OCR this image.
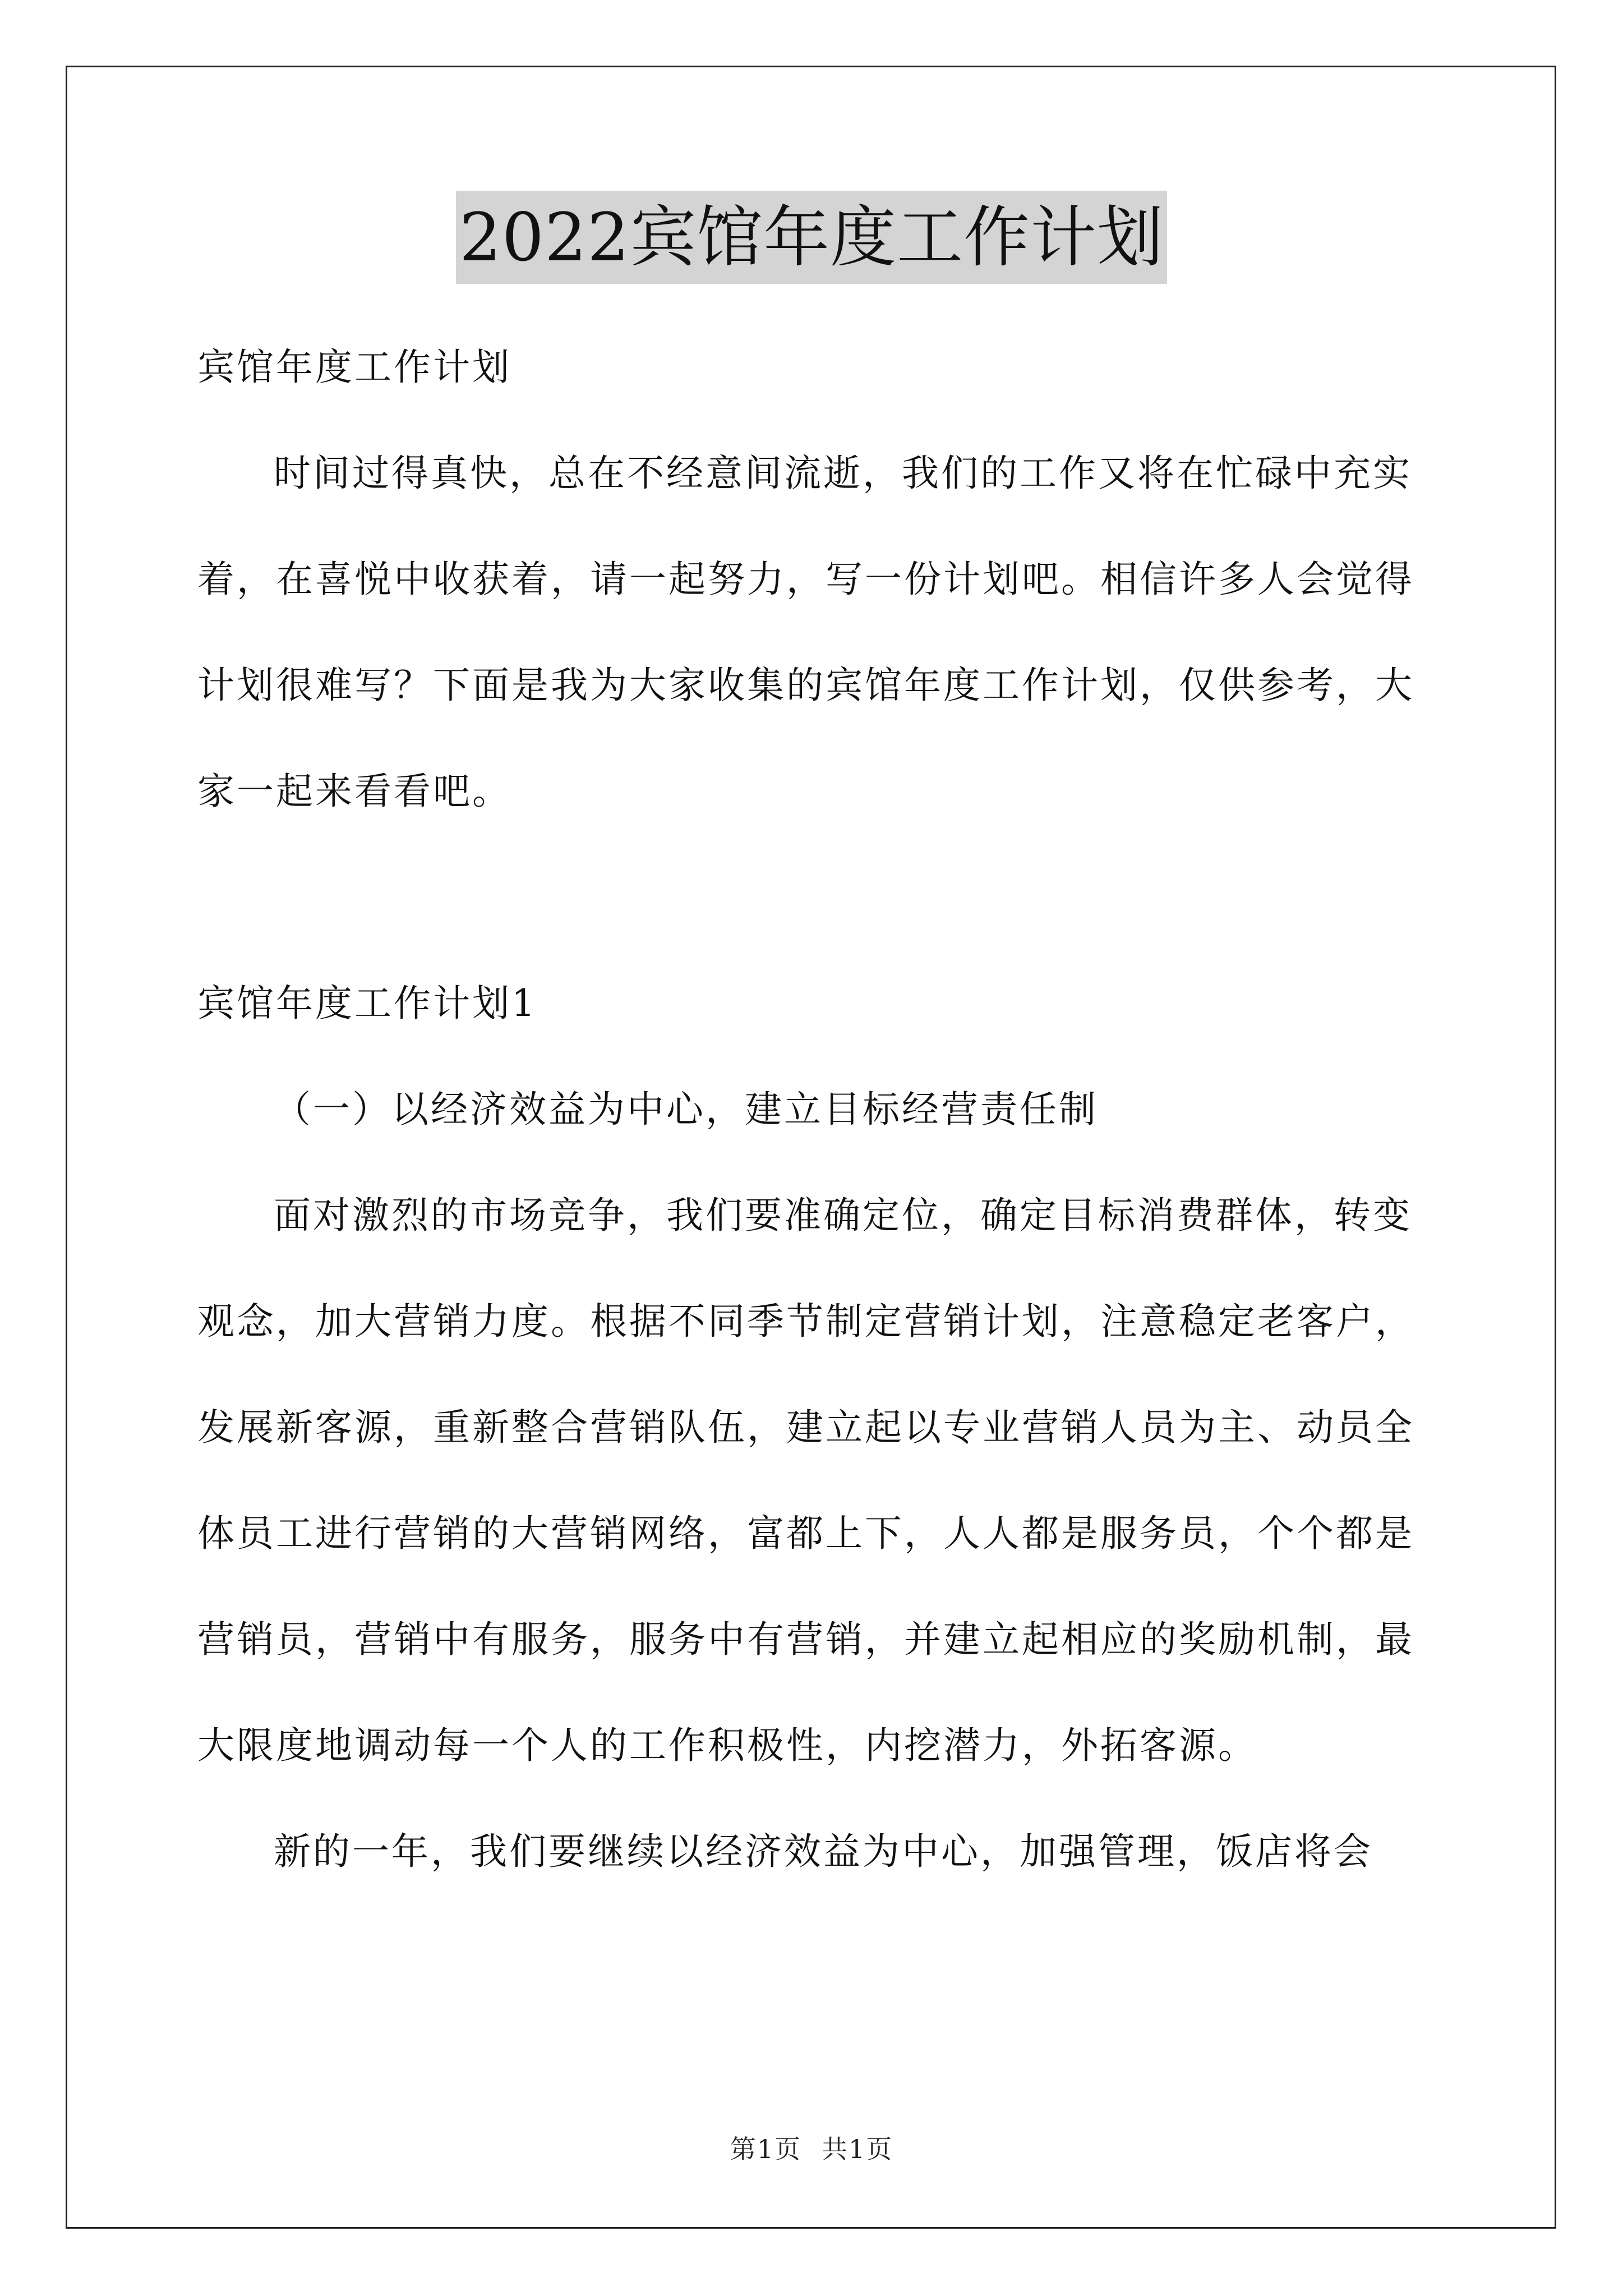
2022宾馆年度工作计划

宾馆年度工作计划

时间过得真快，总在不经意间流逝，我们的工作又将在忙碌中充实着，在喜悦中收获着，请一起努力，写一份计划吧。相信许多人会觉得计划很难写？下面是我为大家收集的宾馆年度工作计划，仅供参考，大家一起来看看吧。

宾馆年度工作计划1

（一）以经济效益为中心，建立目标经营责任制

面对激烈的市场竞争，我们要准确定位，确定目标消费群体，转变观念，加大营销力度。根据不同季节制定营销计划，注意稳定老客户，发展新客源，重新整合营销队伍，建立起以专业营销人员为主、动员全体员工进行营销的大营销网络，富都上下，人人都是服务员，个个都是营销员，营销中有服务，服务中有营销，并建立起相应的奖励机制，最大限度地调动每一个人的工作积极性，内挖潜力，外拓客源。

新的一年，我们要继续以经济效益为中心，加强管理，饭店将会

第1页 共1页
